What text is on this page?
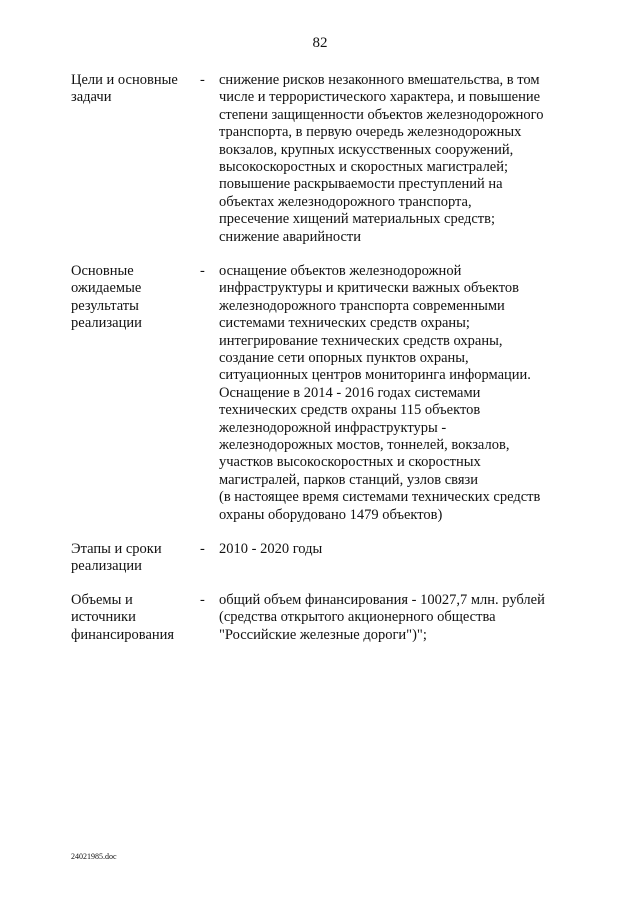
82
Цели и основные
задачи
- снижение рисков незаконного вмешательства, в том
числе и террористического характера, и повышение
степени защищенности объектов железнодорожного
транспорта, в первую очередь железнодорожных
вокзалов, крупных искусственных сооружений,
высокоскоростных и скоростных магистралей;
повышение раскрываемости преступлений на
объектах железнодорожного транспорта,
пресечение хищений материальных средств;
снижение аварийности
Основные
ожидаемые
результаты
реализации
- оснащение объектов железнодорожной
инфраструктуры и критически важных объектов
железнодорожного транспорта современными
системами технических средств охраны;
интегрирование технических средств охраны,
создание сети опорных пунктов охраны,
ситуационных центров мониторинга информации.
Оснащение в 2014 - 2016 годах системами
технических средств охраны 115 объектов
железнодорожной инфраструктуры -
железнодорожных мостов, тоннелей, вокзалов,
участков высокоскоростных и скоростных
магистралей, парков станций, узлов связи
(в настоящее время системами технических средств
охраны оборудовано 1479 объектов)
Этапы и сроки
реализации
- 2010 - 2020 годы
Объемы и
источники
финансирования
- общий объем финансирования - 10027,7 млн. рублей
(средства открытого акционерного общества
"Российские железные дороги")";
24021985.doc
